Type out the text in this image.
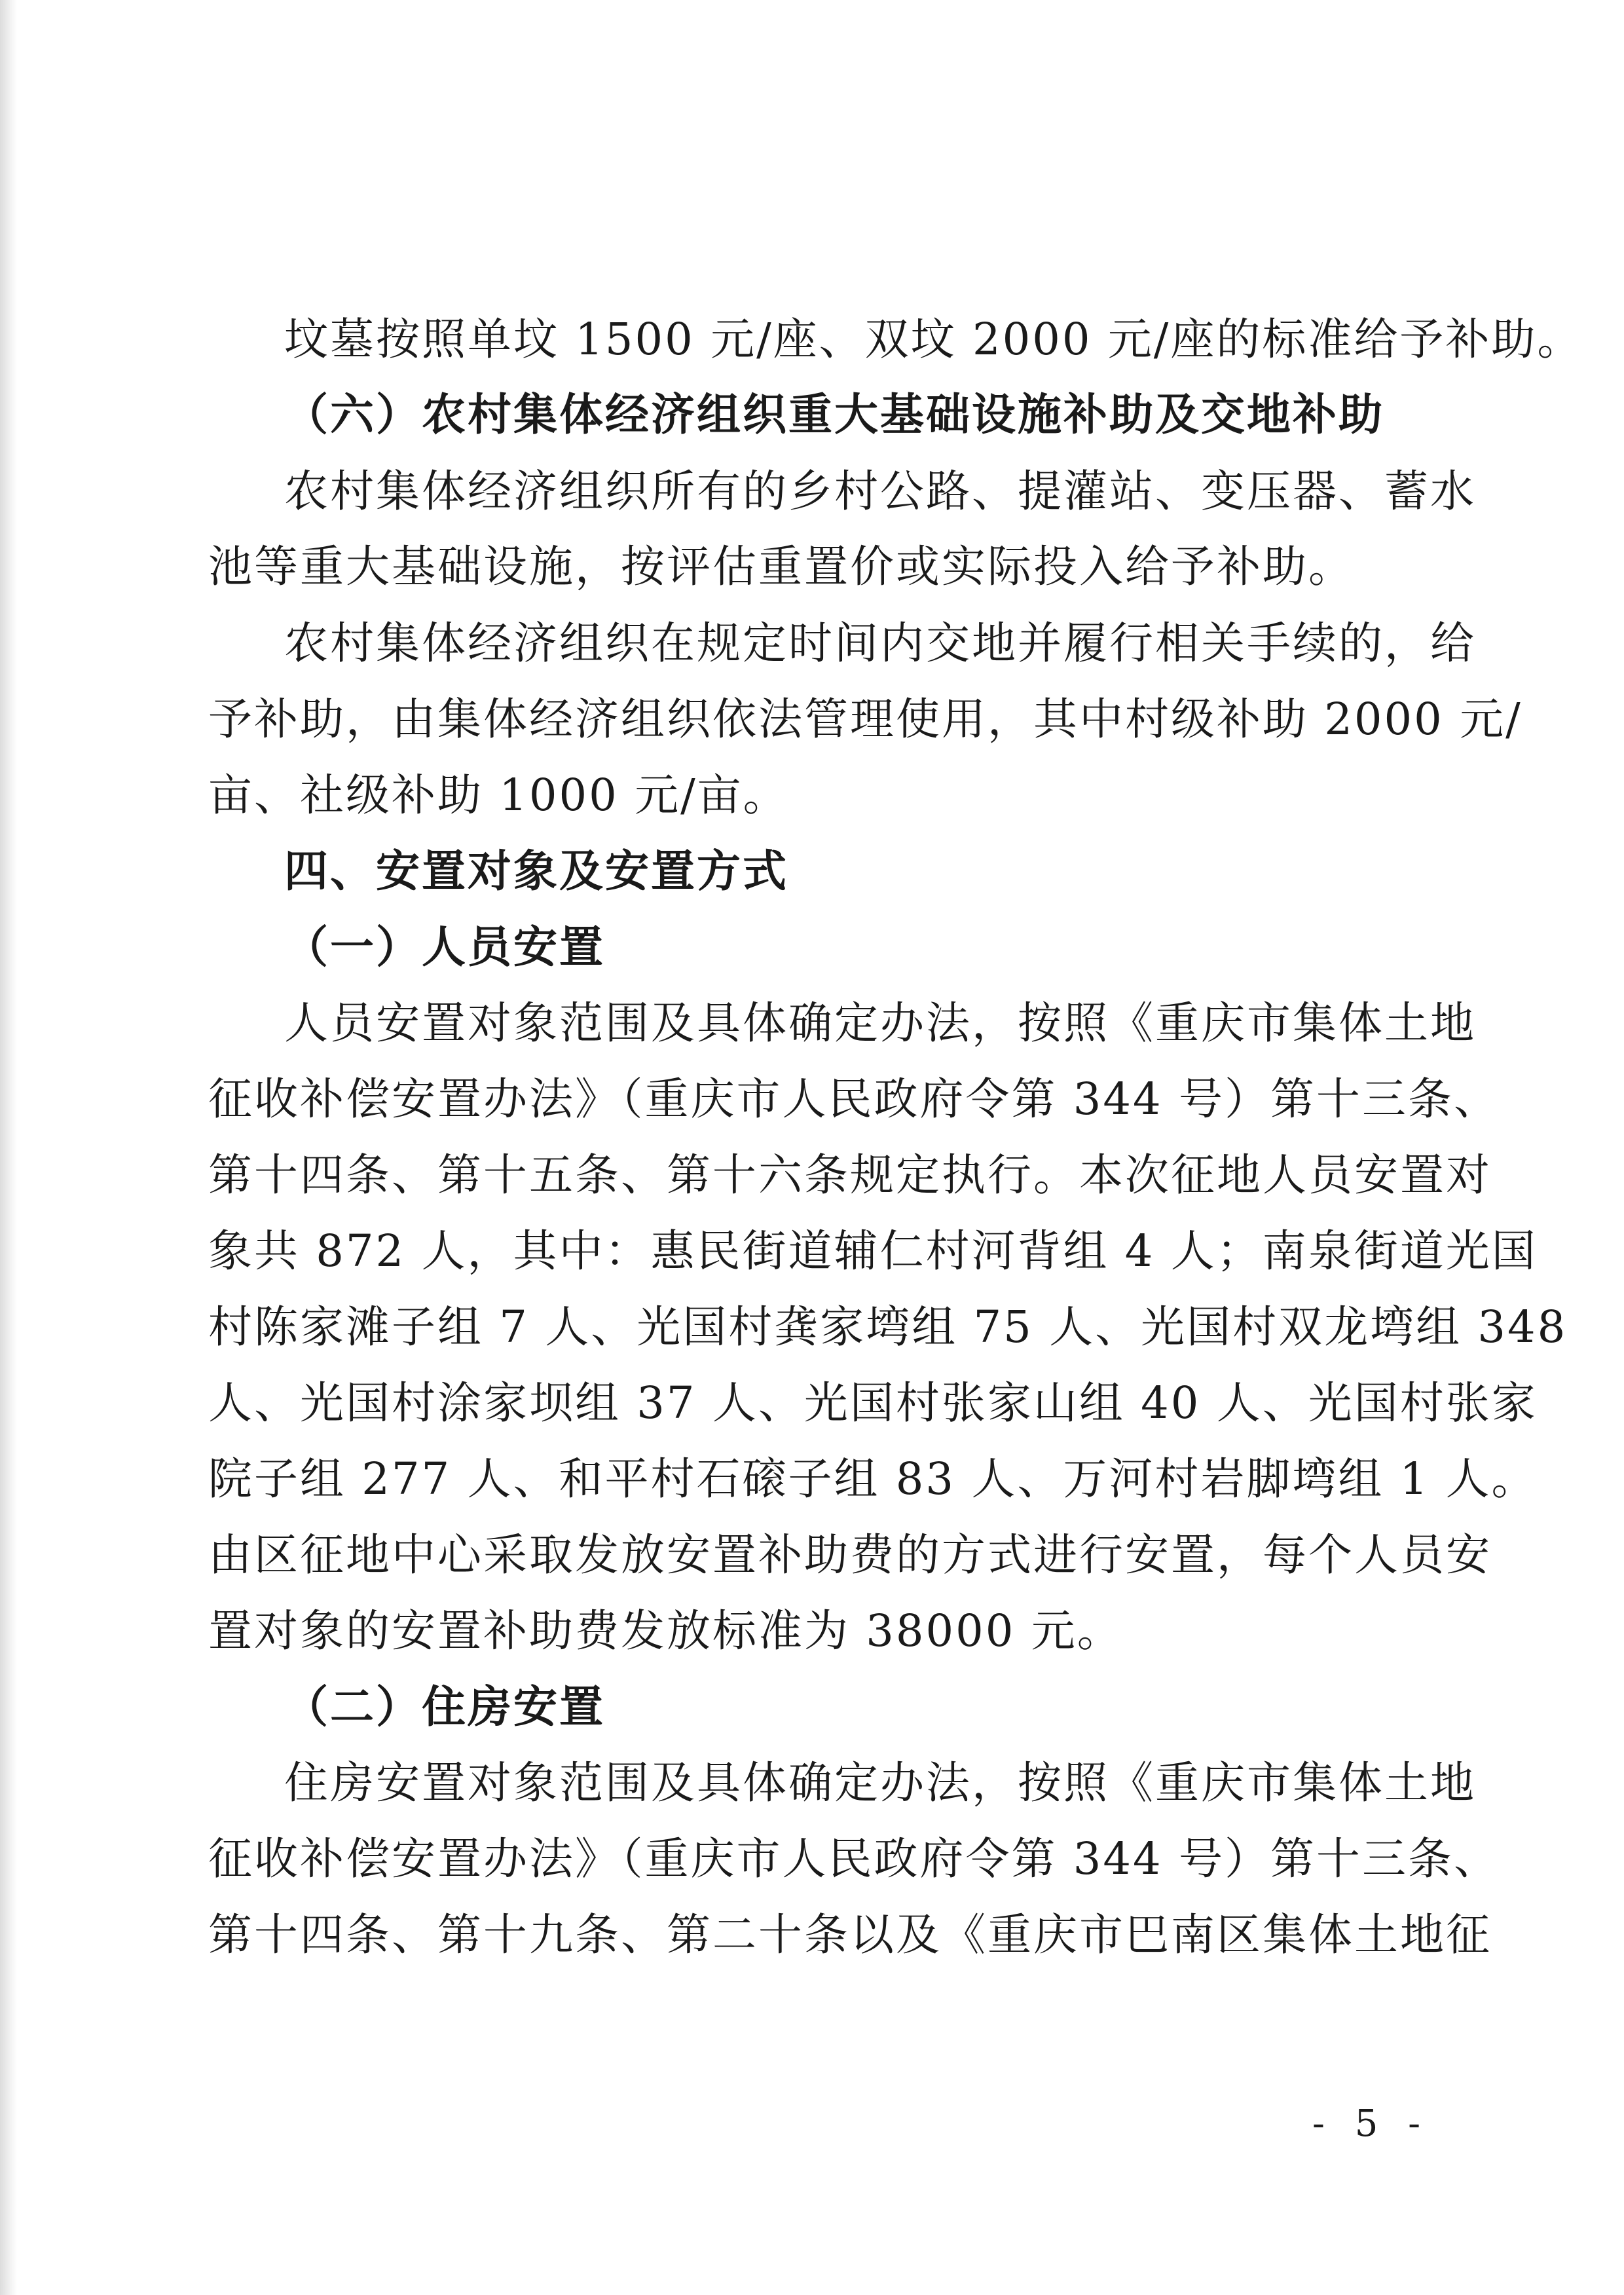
坟墓按照单坟 1500 元/座、双坟 2000 元/座的标准给予补助。
（六）农村集体经济组织重大基础设施补助及交地补助
农村集体经济组织所有的乡村公路、提灌站、变压器、蓄水
池等重大基础设施，按评估重置价或实际投入给予补助。
农村集体经济组织在规定时间内交地并履行相关手续的，给
予补助，由集体经济组织依法管理使用，其中村级补助 2000 元/
亩、社级补助 1000 元/亩。
四、安置对象及安置方式
（一）人员安置
人员安置对象范围及具体确定办法，按照《重庆市集体土地
征收补偿安置办法》（重庆市人民政府令第 344 号）第十三条、
第十四条、第十五条、第十六条规定执行。本次征地人员安置对
象共 872 人，其中：惠民街道辅仁村河背组 4 人；南泉街道光国
村陈家滩子组 7 人、光国村龚家塆组 75 人、光国村双龙塆组 348
人、光国村涂家坝组 37 人、光国村张家山组 40 人、光国村张家
院子组 277 人、和平村石磙子组 83 人、万河村岩脚塆组 1 人。
由区征地中心采取发放安置补助费的方式进行安置，每个人员安
置对象的安置补助费发放标准为 38000 元。
（二）住房安置
住房安置对象范围及具体确定办法，按照《重庆市集体土地
征收补偿安置办法》（重庆市人民政府令第 344 号）第十三条、
第十四条、第十九条、第二十条以及《重庆市巴南区集体土地征
- 5 -
